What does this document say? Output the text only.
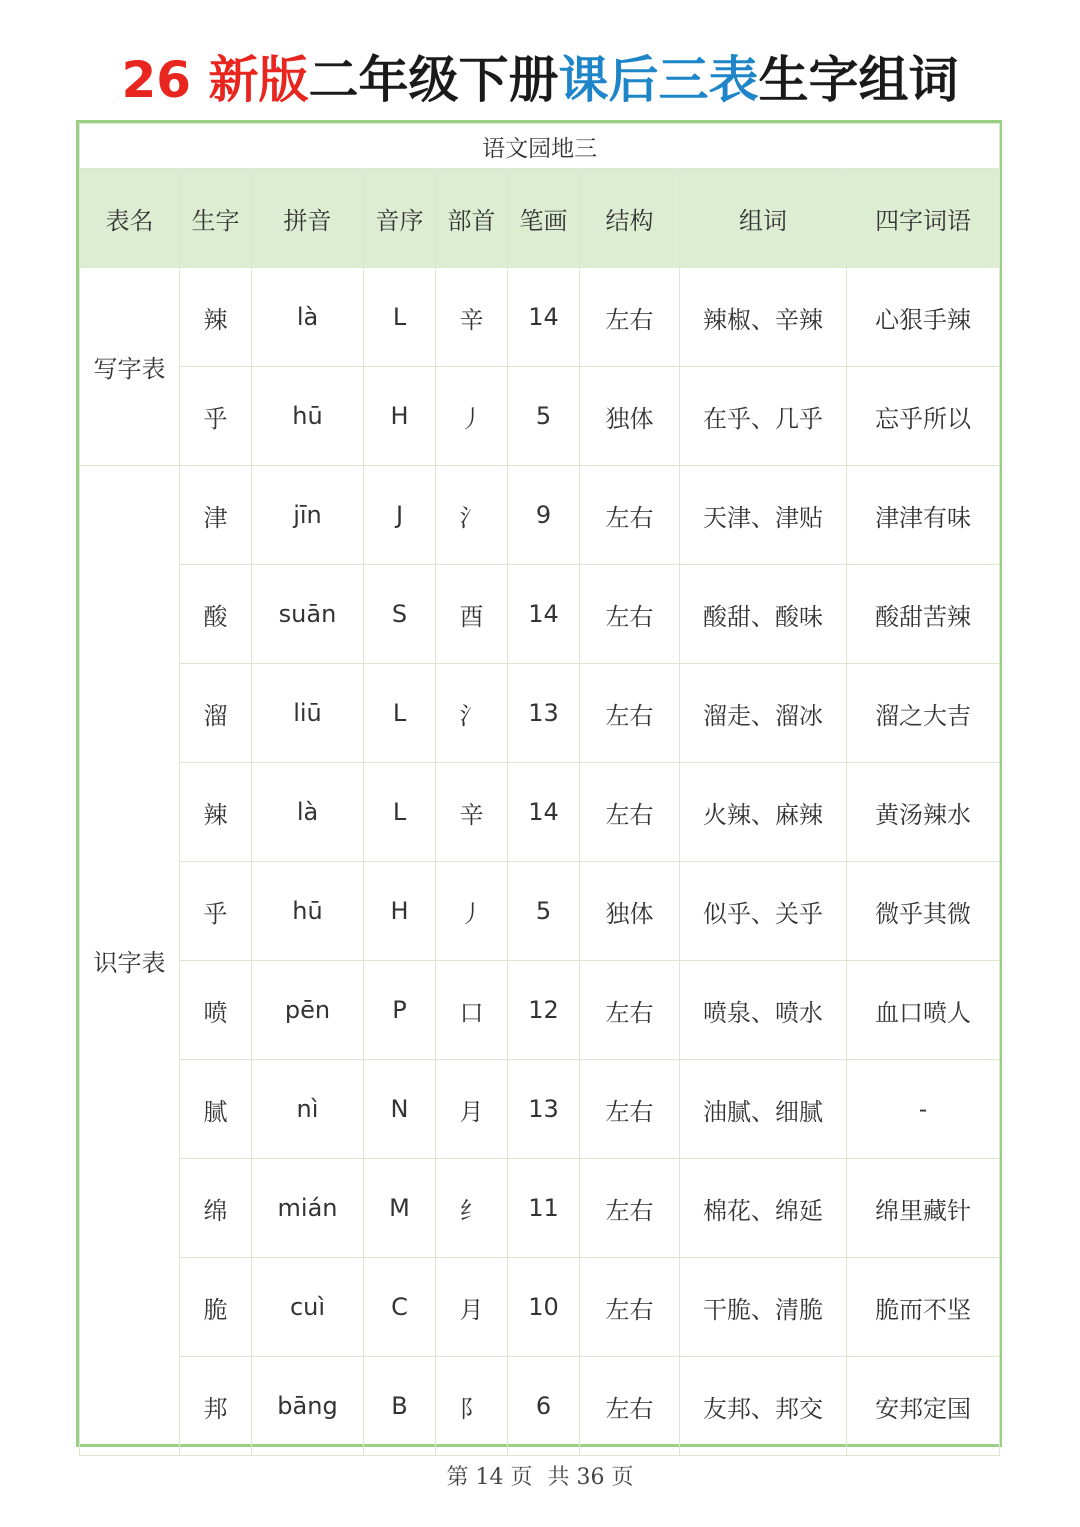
26 新版二年级下册课后三表生字组词
语文园地三								
表名	生字	拼音	音序	部首	笔画	结构	组词	四字词语
写字表	辣	là	L	辛	14	左右	辣椒、辛辣	心狠手辣
	乎	hū	H	丿	5	独体	在乎、几乎	忘乎所以
识字表	津	jīn	J	氵	9	左右	天津、津贴	津津有味
	酸	suān	S	酉	14	左右	酸甜、酸味	酸甜苦辣
	溜	liū	L	氵	13	左右	溜走、溜冰	溜之大吉
	辣	là	L	辛	14	左右	火辣、麻辣	黄汤辣水
	乎	hū	H	丿	5	独体	似乎、关乎	微乎其微
	喷	pēn	P	口	12	左右	喷泉、喷水	血口喷人
	腻	nì	N	月	13	左右	油腻、细腻	-
	绵	mián	M	纟	11	左右	棉花、绵延	绵里藏针
	脆	cuì	C	月	10	左右	干脆、清脆	脆而不坚
	邦	bāng	B	阝	6	左右	友邦、邦交	安邦定国
第 14 页 共 36 页
